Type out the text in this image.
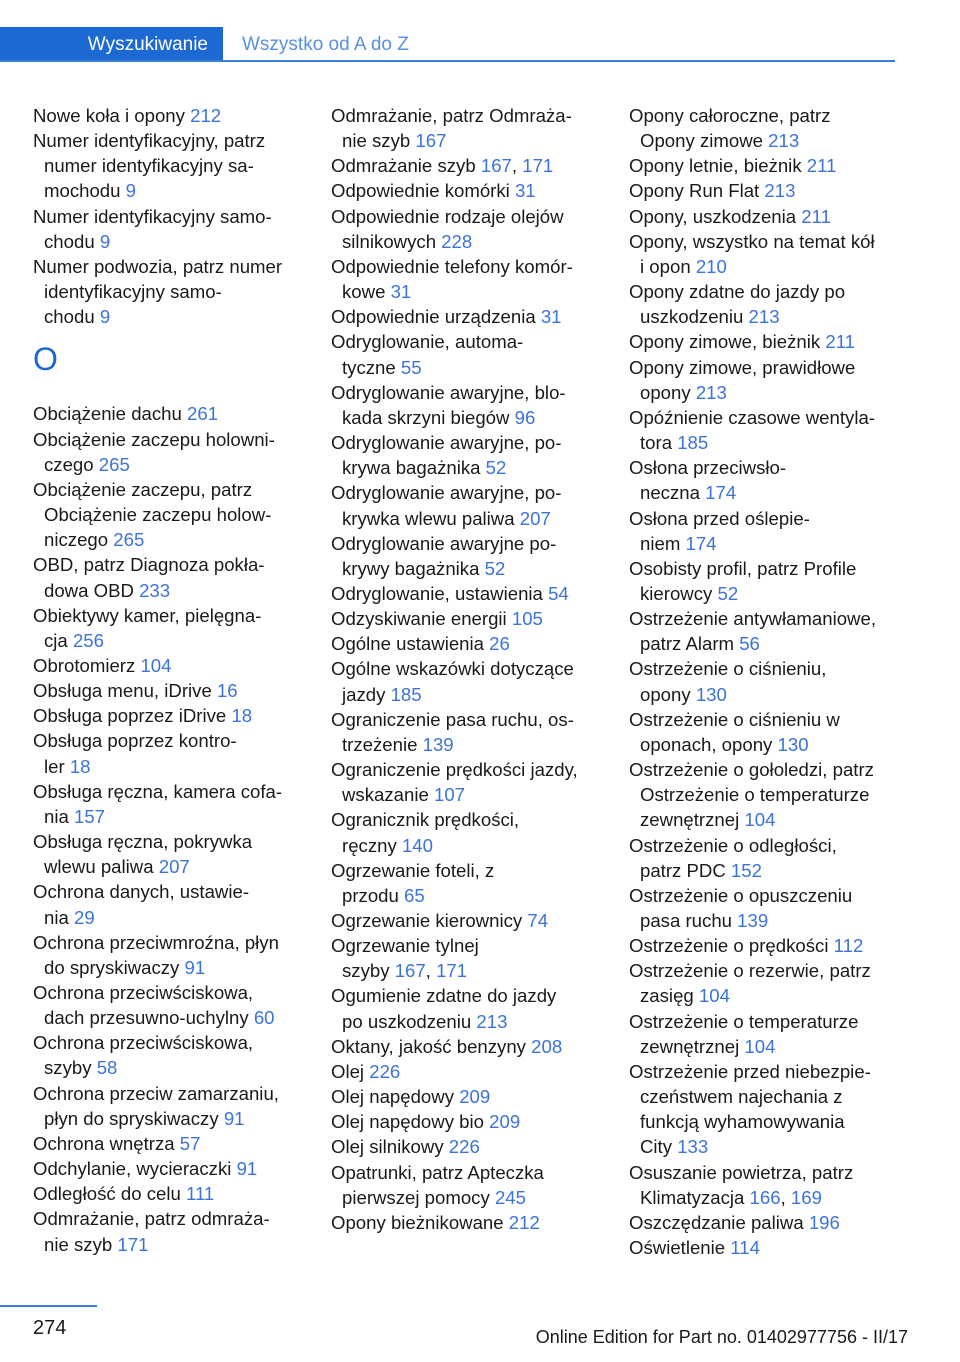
Wyszukiwanie	Wszystko od A do Z
Nowe koła i opony 212
Numer identyfikacyjny, patrz
numer identyfikacyjny sa‐
mochodu 9
Numer identyfikacyjny samo‐
chodu 9
Numer podwozia, patrz numer
identyfikacyjny samo‐
chodu 9
O
Obciążenie dachu 261
Obciążenie zaczepu holowni‐
czego 265
Obciążenie zaczepu, patrz
Obciążenie zaczepu holow‐
niczego 265
OBD, patrz Diagnoza pokła‐
dowa OBD 233
Obiektywy kamer, pielęgna‐
cja 256
Obrotomierz 104
Obsługa menu, iDrive 16
Obsługa poprzez iDrive 18
Obsługa poprzez kontro‐
ler 18
Obsługa ręczna, kamera cofa‐
nia 157
Obsługa ręczna, pokrywka
wlewu paliwa 207
Ochrona danych, ustawie‐
nia 29
Ochrona przeciwmroźna, płyn
do spryskiwaczy 91
Ochrona przeciwściskowa,
dach przesuwno-uchylny 60
Ochrona przeciwściskowa,
szyby 58
Ochrona przeciw zamarzaniu,
płyn do spryskiwaczy 91
Ochrona wnętrza 57
Odchylanie, wycieraczki 91
Odległość do celu 111
Odmrażanie, patrz odmraża‐
nie szyb 171
Odmrażanie, patrz Odmraża‐
nie szyb 167
Odmrażanie szyb 167, 171
Odpowiednie komórki 31
Odpowiednie rodzaje olejów
silnikowych 228
Odpowiednie telefony komór‐
kowe 31
Odpowiednie urządzenia 31
Odryglowanie, automa‐
tyczne 55
Odryglowanie awaryjne, blo‐
kada skrzyni biegów 96
Odryglowanie awaryjne, po‐
krywa bagażnika 52
Odryglowanie awaryjne, po‐
krywka wlewu paliwa 207
Odryglowanie awaryjne po‐
krywy bagażnika 52
Odryglowanie, ustawienia 54
Odzyskiwanie energii 105
Ogólne ustawienia 26
Ogólne wskazówki dotyczące
jazdy 185
Ograniczenie pasa ruchu, os‐
trzeżenie 139
Ograniczenie prędkości jazdy,
wskazanie 107
Ogranicznik prędkości,
ręczny 140
Ogrzewanie foteli, z
przodu 65
Ogrzewanie kierownicy 74
Ogrzewanie tylnej
szyby 167, 171
Ogumienie zdatne do jazdy
po uszkodzeniu 213
Oktany, jakość benzyny 208
Olej 226
Olej napędowy 209
Olej napędowy bio 209
Olej silnikowy 226
Opatrunki, patrz Apteczka
pierwszej pomocy 245
Opony bieżnikowane 212
Opony całoroczne, patrz
Opony zimowe 213
Opony letnie, bieżnik 211
Opony Run Flat 213
Opony, uszkodzenia 211
Opony, wszystko na temat kół
i opon 210
Opony zdatne do jazdy po
uszkodzeniu 213
Opony zimowe, bieżnik 211
Opony zimowe, prawidłowe
opony 213
Opóźnienie czasowe wentyla‐
tora 185
Osłona przeciwsło‐
neczna 174
Osłona przed oślepie‐
niem 174
Osobisty profil, patrz Profile
kierowcy 52
Ostrzeżenie antywłamaniowe,
patrz Alarm 56
Ostrzeżenie o ciśnieniu,
opony 130
Ostrzeżenie o ciśnieniu w
oponach, opony 130
Ostrzeżenie o gołoledzi, patrz
Ostrzeżenie o temperaturze
zewnętrznej 104
Ostrzeżenie o odległości,
patrz PDC 152
Ostrzeżenie o opuszczeniu
pasa ruchu 139
Ostrzeżenie o prędkości 112
Ostrzeżenie o rezerwie, patrz
zasięg 104
Ostrzeżenie o temperaturze
zewnętrznej 104
Ostrzeżenie przed niebezpie‐
czeństwem najechania z
funkcją wyhamowywania
City 133
Osuszanie powietrza, patrz
Klimatyzacja 166, 169
Oszczędzanie paliwa 196
Oświetlenie 114
274	Online Edition for Part no. 01402977756 - II/17
